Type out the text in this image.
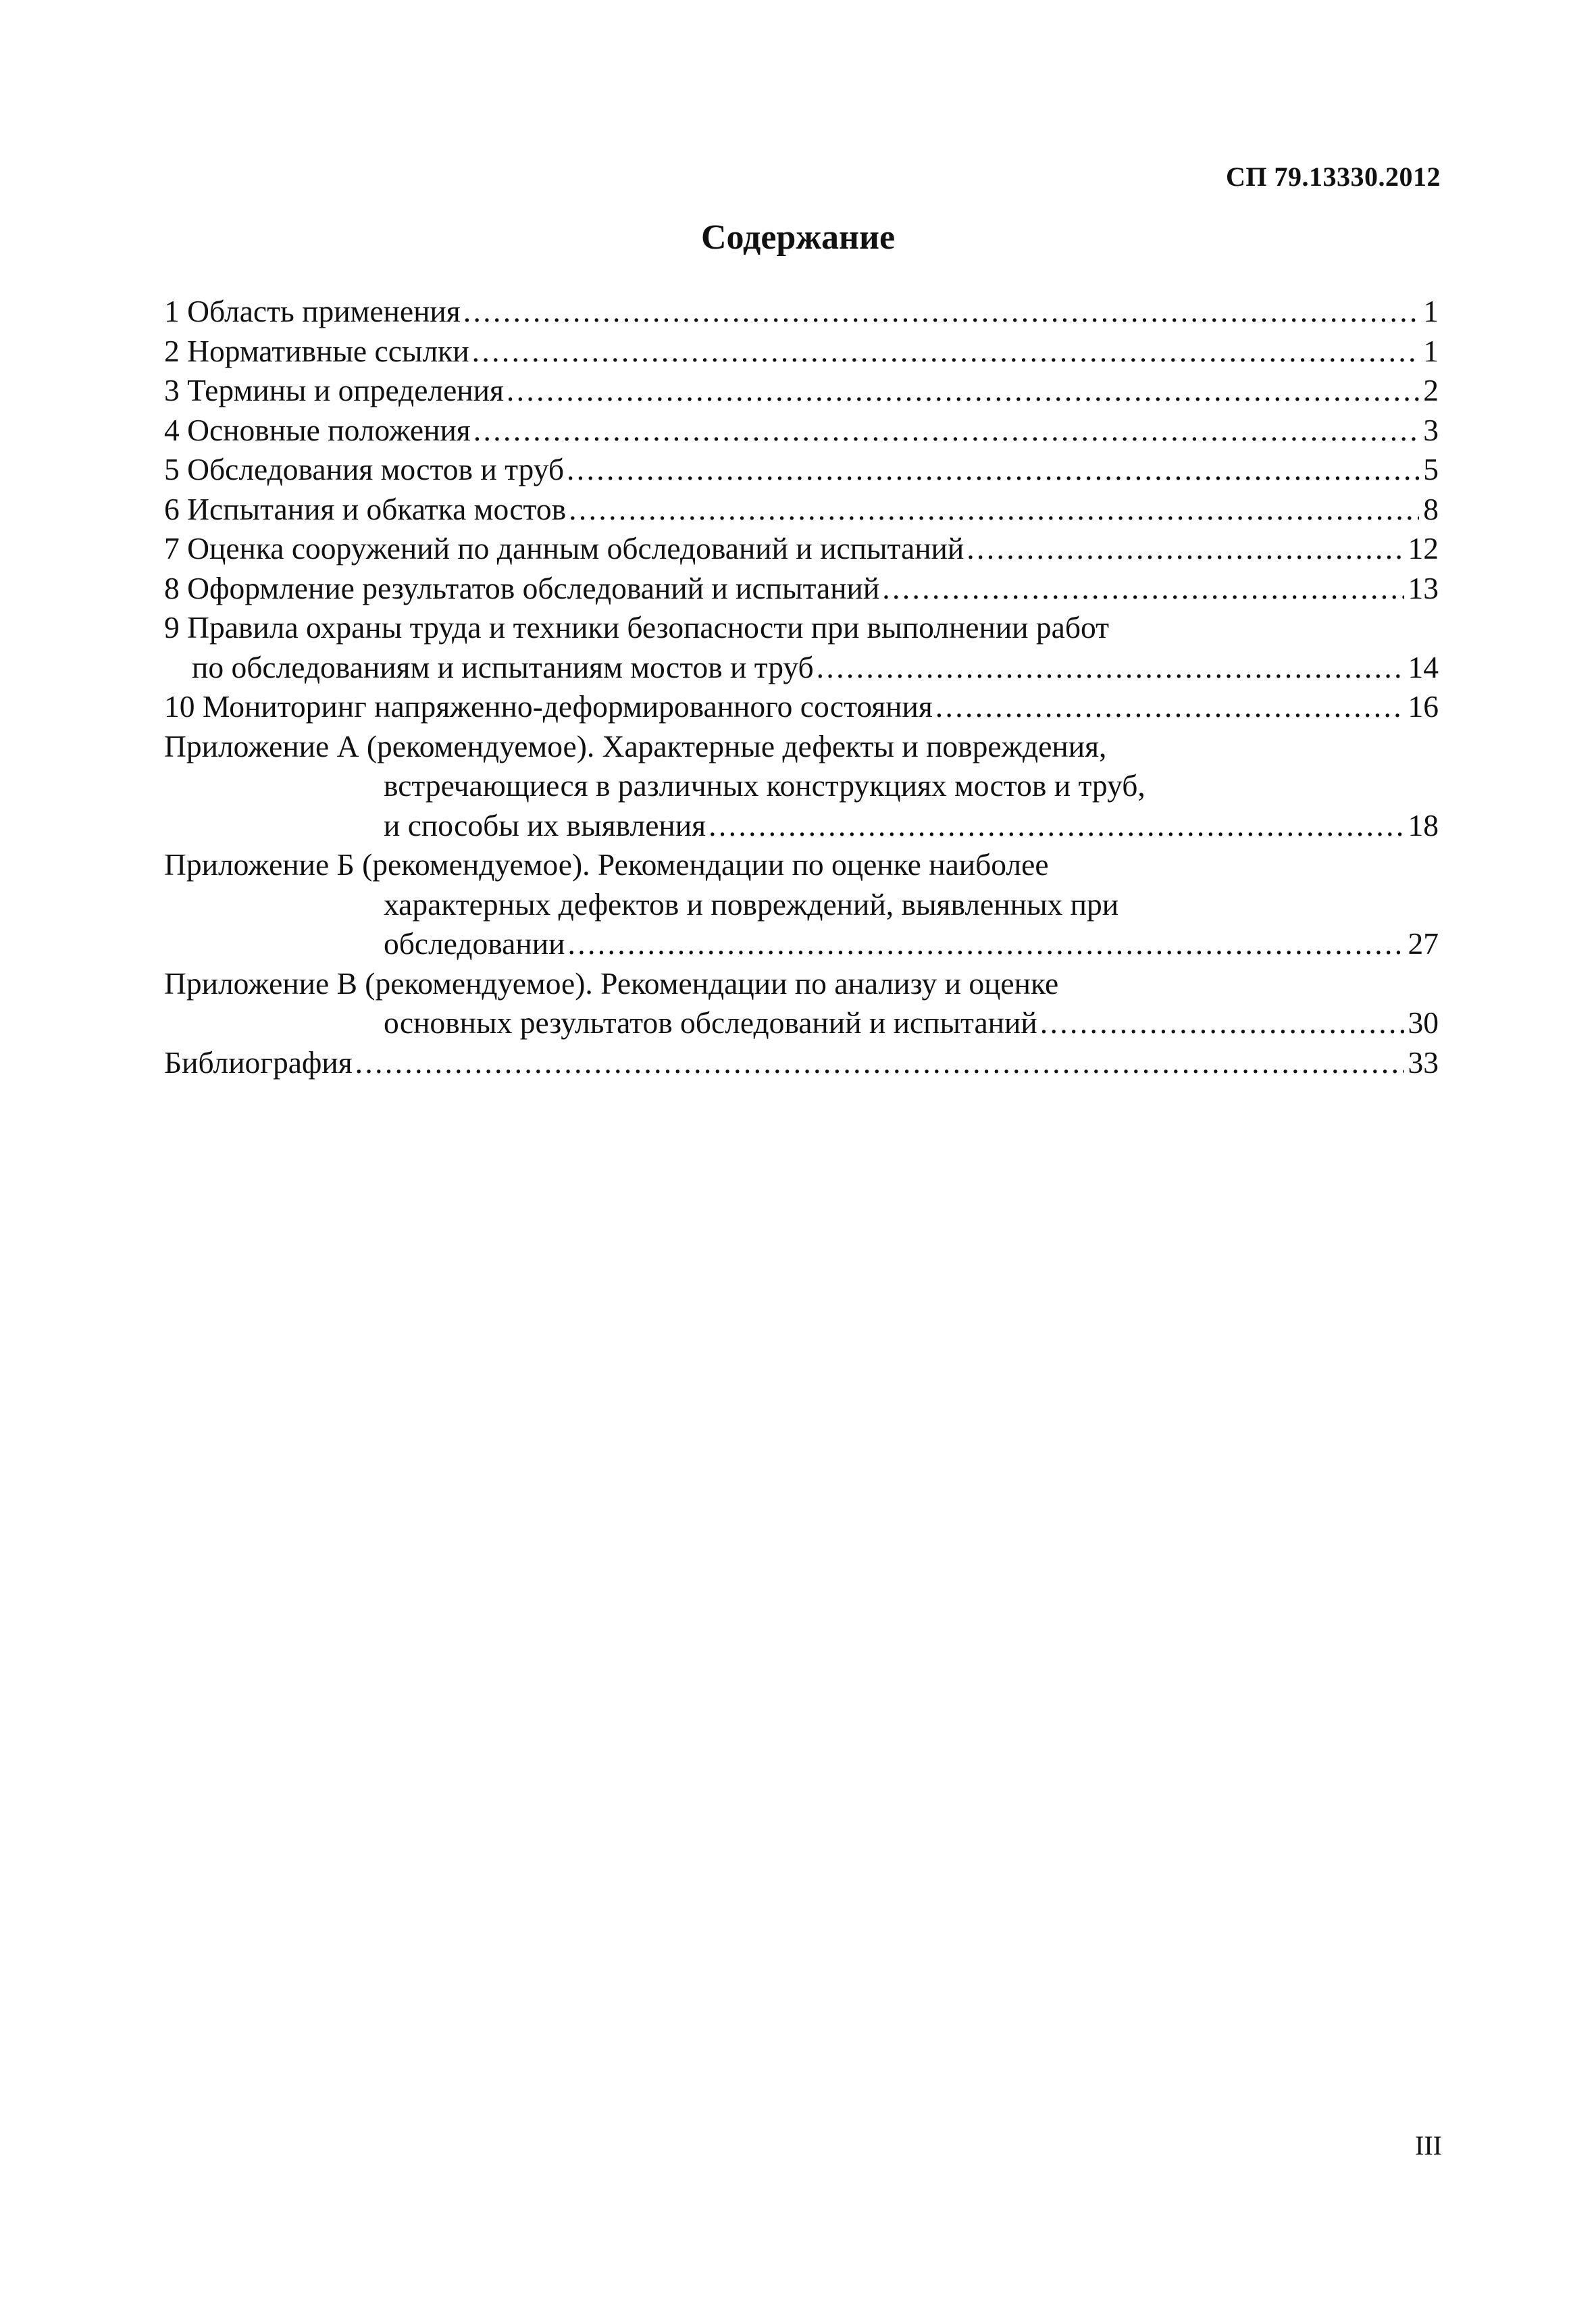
СП 79.13330.2012
Содержание
1 Область применения . . .	1
2 Нормативные ссылки . . .	1
3 Термины и определения . . .	2
4 Основные положения . . .	3
5 Обследования мостов и труб . . .	5
6 Испытания и обкатка мостов . . .	8
7 Оценка сооружений по данным обследований и испытаний . . .	12
8 Оформление результатов обследований и испытаний . . .	13
9 Правила охраны труда и техники безопасности при выполнении работ
по обследованиям и испытаниям мостов и труб . . .	14
10 Мониторинг напряженно-деформированного состояния . . .	16
Приложение А (рекомендуемое). Характерные дефекты и повреждения,
встречающиеся в различных конструкциях мостов и труб,
и способы их выявления . . .	18
Приложение Б (рекомендуемое). Рекомендации по оценке наиболее
характерных дефектов и повреждений, выявленных при
обследовании . . .	27
Приложение В (рекомендуемое). Рекомендации по анализу и оценке
основных результатов обследований и испытаний . . .	30
Библиография . . .	33
III
